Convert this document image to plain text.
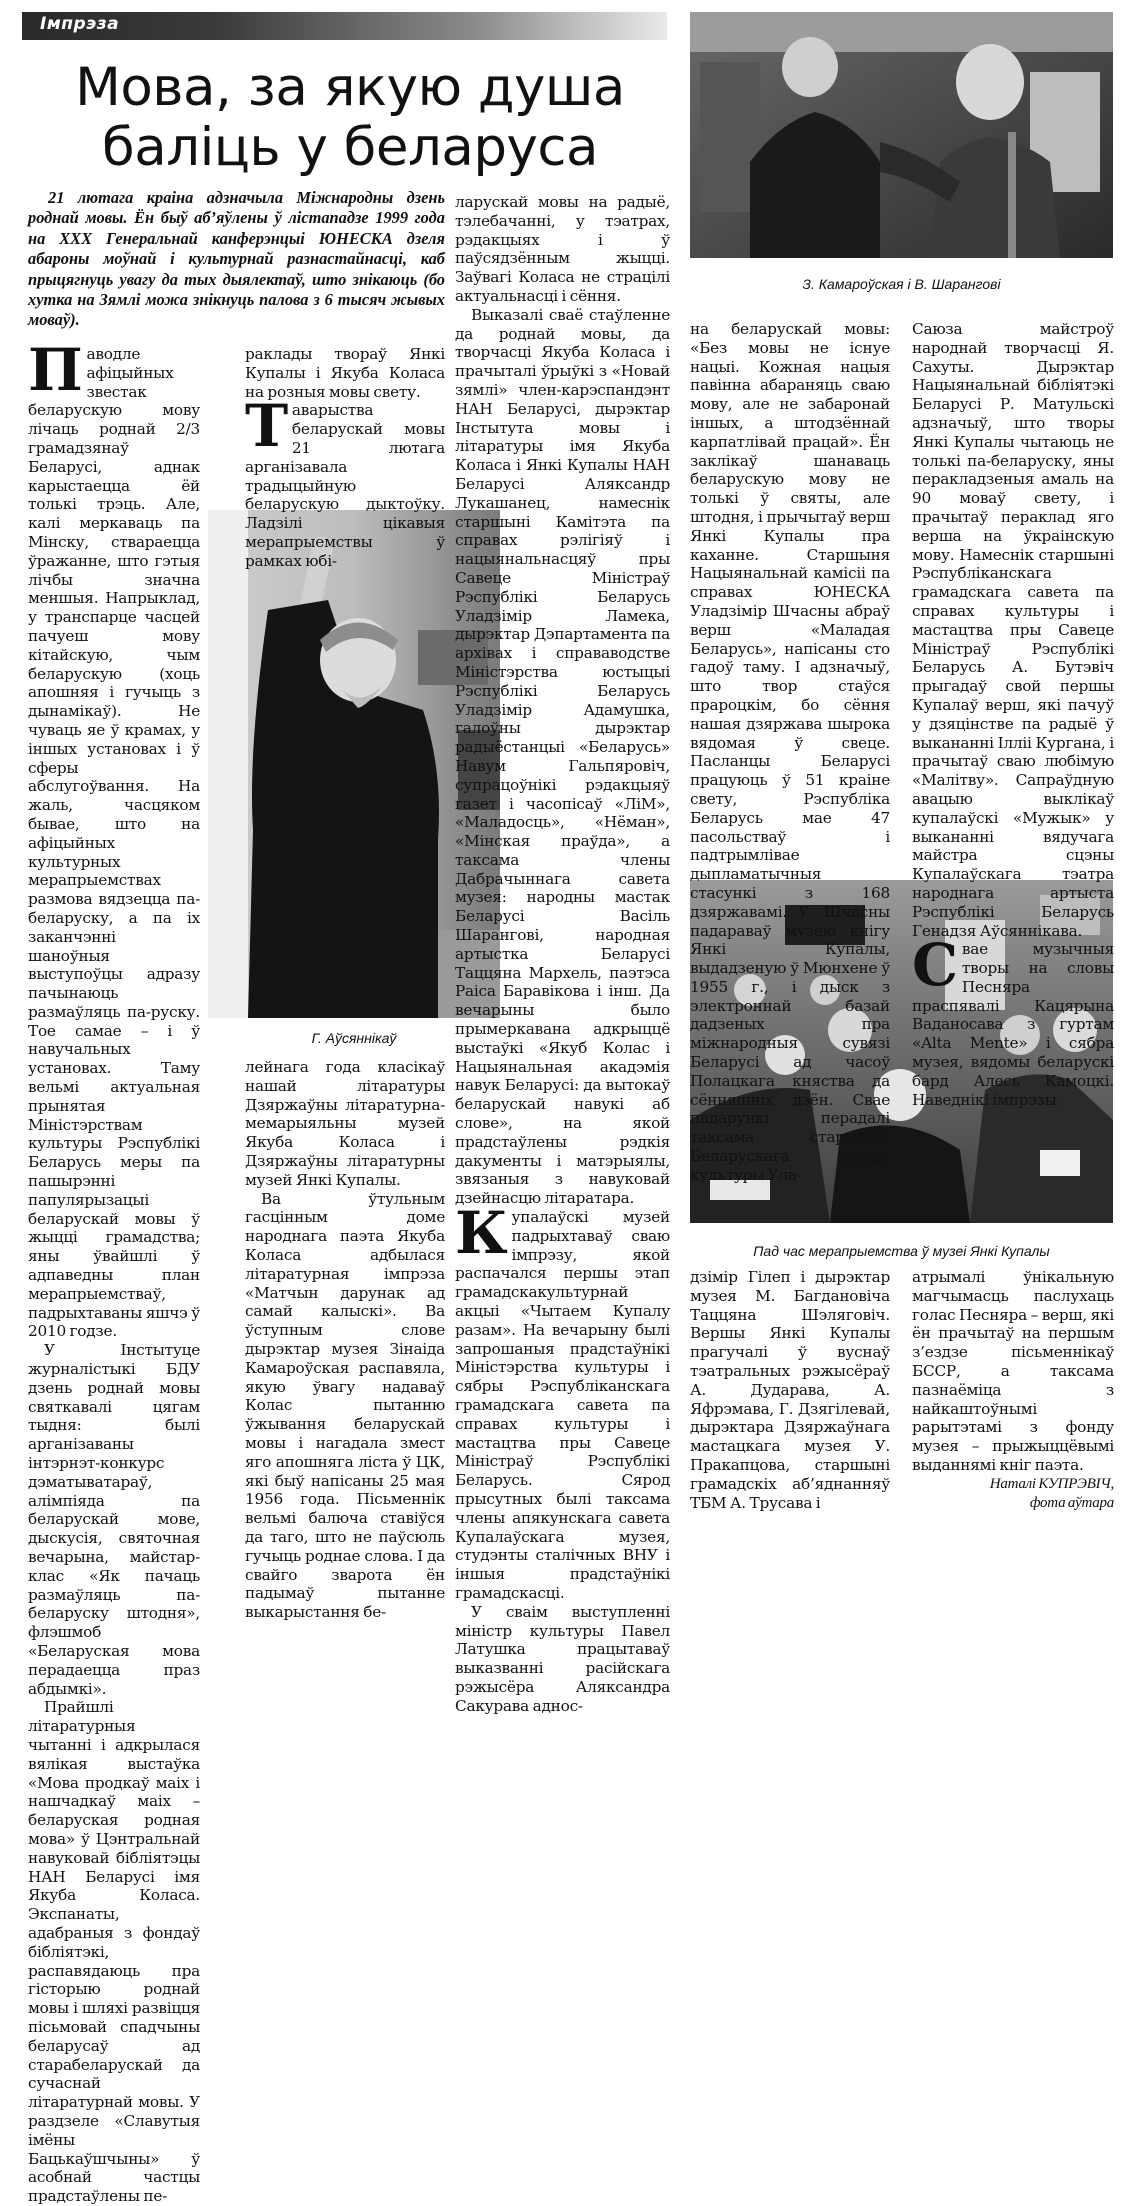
Імпрэза
Мова, за якую душа
баліць у беларуса
21 лютага краіна адзначыла Міжнародны дзень роднай мовы. Ён быў аб’яўлены ў лістападзе 1999 года на XXX Генеральнай канферэнцыі ЮНЕСКА дзеля абароны моўнай і культурнай разнастайнасці, каб прыцягнуць увагу да тых дыялектаў, што знікаюць (бо хутка на Зямлі можа знікнуць палова з 6 тысяч жывых моваў).
З. Камароўская і В. Шарангові
Г. Аўсяннікаў
Пад час мерапрыемства ў музеі Янкі Купалы

Паводле афіцыйных звестак беларускую мову лічаць роднай 2/3 грамадзянаў Беларусі, аднак карыстаецца ёй толькі трэць. Але, калі меркаваць па Мінску, ствараецца ўражанне, што гэтыя лічбы значна меншыя. Напрыклад, у транспарце часцей пачуеш мову кітайскую, чым беларускую (хоць апошняя і гучыць з дынамікаў). Не чуваць яе ў крамах, у іншых установах і ў сферы абслугоўвання. На жаль, часцяком бывае, што на афіцыйных культурных мерапрыемствах размова вядзецца па-беларуску, а па іх заканчэнні шаноўныя выступоўцы адразу пачынаюць размаўляць па-руску. Тое самае – і ў навучальных установах. Таму вельмі актуальная прынятая Міністэрствам культуры Рэспублікі Беларусь меры па пашырэнні папулярызацыі беларускай мовы ў жыцці грамадства; яны ўвайшлі ў адпаведны план мерапрыемстваў, падрыхтаваны яшчэ ў 2010 годзе.

У Інстытуце журналістыкі БДУ дзень роднай мовы святкавалі цягам тыдня: былі арганізаваны інтэрнэт-конкурс дэматыватараў, алімпіяда па беларускай мове, дыскусія, святочная вечарына, майстар-клас «Як пачаць размаўляць па-беларуску штодня», флэшмоб «Беларуская мова перадаецца праз абдымкі».

Прайшлі літаратурныя чытанні і адкрылася вялікая выстаўка «Мова продкаў маіх і нашчадкаў маіх – беларуская родная мова» ў Цэнтральнай навуковай бібліятэцы НАН Беларусі імя Якуба Коласа. Экспанаты, адабраныя з фондаў бібліятэкі, распавядаюць пра гісторыю роднай мовы і шляхі развіцця пісьмовай спадчыны беларусаў ад старабеларускай да сучаснай літаратурнай мовы. У раздзеле «Славутыя імёны Бацькаўшчыны» ў асобнай частцы прадстаўлены пе-

раклады твораў Янкі Купалы і Якуба Коласа на розныя мовы свету.

Таварыства беларускай мовы 21 лютага арганізавала традыцыйную беларускую дыктоўку. Ладзілі цікавыя мерапрыемствы ў рамках юбі-

лейнага года класікаў нашай літаратуры Дзяржаўны літаратурна-мемарыяльны музей Якуба Коласа і Дзяржаўны літаратурны музей Янкі Купалы.

Ва ўтульным гасцінным доме народнага паэта Якуба Коласа адбылася літаратурная імпрэза «Матчын дарунак ад самай калыскі». Ва ўступным слове дырэктар музея Зінаіда Камароўская распавяла, якую ўвагу надаваў Колас пытанню ўжывання беларускай мовы і нагадала змест яго апошняга ліста ў ЦК, які быў напісаны 25 мая 1956 года. Пісьменнік вельмі балюча ставіўся да таго, што не паўсюль гучыць роднае слова. І да свайго зварота ён падымаў пытанне выкарыстання бе-

ларускай мовы на радыё, тэлебачанні, у тэатрах, рэдакцыях і ў паўсядзённым жыцці. Заўвагі Коласа не страцілі актуальнасці і сёння.

Выказалі сваё стаўленне да роднай мовы, да творчасці Якуба Коласа і прачыталі ўрыўкі з «Новай зямлі» член-карэспандэнт НАН Беларусі, дырэктар Інстытута мовы і літаратуры імя Якуба Коласа і Янкі Купалы НАН Беларусі Аляксандр Лукашанец, намеснік старшыні Камітэта па справах рэлігіяў і нацыянальнасцяў пры Савеце Міністраў Рэспублікі Беларусь Уладзімір Ламека, дырэктар Дэпартамента па архівах і справаводстве Міністэрства юстыцыі Рэспублікі Беларусь Уладзімір Адамушка, галоўны дырэктар радыёстанцыі «Беларусь» Навум Гальпяровіч, супрацоўнікі рэдакцыяў газет і часопісаў «ЛіМ», «Маладосць», «Нёман», «Мінская праўда», а таксама члены Дабрачыннага савета музея: народны мастак Беларусі Васіль Шарангові, народная артыстка Беларусі Таццяна Мархель, паэтэса Раіса Баравікова і інш. Да вечарыны было прымеркавана адкрыццё выстаўкі «Якуб Колас і Нацыянальная акадэмія навук Беларусі: да вытокаў беларускай навукі аб слове», на якой прадстаўлены рэдкія дакументы і матэрыялы, звязаныя з навуковай дзейнасцю літаратара.

Купалаўскі музей падрыхтаваў сваю імпрэзу, якой распачался першы этап грамадскакультурнай акцыі «Чытаем Купалу разам». На вечарыну былі запрошаныя прадстаўнікі Міністэрства культуры і сябры Рэспубліканскага грамадскага савета па справах культуры і мастацтва пры Савеце Міністраў Рэспублікі Беларусь. Сярод прысутных былі таксама члены апякунскага савета Купалаўскага музея, студэнты сталічных ВНУ і іншыя прадстаўнікі грамадскасці.

У сваім выступленні міністр культуры Павел Латушка працытаваў выказванні расійскага рэжысёра Аляксандра Сакурава адноc-

на беларускай мовы: «Без мовы не існуе нацыі. Кожная нацыя павінна абараняць сваю мову, але не забаронай іншых, а штодзённай карпатлівай працай». Ён заклікаў шанаваць беларускую мову не толькі ў святы, але штодня, і прычытаў верш Янкі Купалы пра каханне. Старшыня Нацыянальнай камісіі па справах ЮНЕСКА Уладзімір Шчасны абраў верш «Маладая Беларусь», напісаны сто гадоў таму. І адзначыў, што твор стаўся прароцкім, бо сёння нашая дзяржава шырока вядомая ў свеце. Пасланцы Беларусі працуюць ў 51 краіне свету, Рэспубліка Беларусь мае 47 пасольстваў і падтрымлівае дыпламатычныя стасункі з 168 дзяржавамі. У. Шчасны падараваў музею кнігу Янкі Купалы, выдадзеную ў Мюнхене ў 1955 г., і дыск з электроннай базай дадзеных пра міжнародныя сувязі Беларусі ад часоў Полацкага княства да сённяшніх дзён. Свае падарункі перадалі таксама старшыня Беларускага фонду культуры Ула-

Саюза майстроў народнай творчасці Я. Сахуты. Дырэктар Нацыянальнай бібліятэкі Беларусі Р. Матульскі адзначыў, што творы Янкі Купалы чытаюць не толькі па-беларуску, яны перакладзеныя амаль на 90 моваў свету, і прачытаў пераклад яго верша на ўкраінскую мову. Намеснік старшыні Рэспубліканскага грамадскага савета па справах культуры і мастацтва пры Савеце Міністраў Рэспублікі Беларусь А. Бутэвіч прыгадаў свой першы Купалаў верш, які пачуў у дзяцінстве па радыё ў выкананні Ілліі Кургана, і прачытаў сваю любімую «Малітву». Сапраўдную авацыю выклікаў купалаўскі «Мужык» у выкананні вядучага майстра сцэны Купалаўскага тэатра народнага артыста Рэспублікі Беларусь Генадзя Аўсяннікава.

Свае музычныя творы на словы Песняра праспявалі Кацярына Ваданосава з гуртам «Alta Mente» і сябра музея, вядомы беларускі бард Алесь Камоцкі. Наведнікі імпрэзы

дзімір Гілеп і дырэктар музея М. Багдановіча Таццяна Шэляговіч. Вершы Янкі Купалы прагучалі ў вуснаў тэатральных рэжысёраў А. Дударава, А. Яфрэмава, Г. Дзягілевай, дырэктара Дзяржаўнага мастацкага музея У. Пракапцова, старшыні грамадскіх аб’яднанняў ТБМ А. Трусава і

атрымалі ўнікальную магчымасць паслухаць голас Песняра – верш, які ён прачытаў на першым з’ездзе пісьменнікаў БССР, а таксама пазнаёміца з найкаштоўнымі рарытэтамі з фонду музея – прыжыццёвымі выданнямі кніг паэта.

Наталі КУПРЭВІЧ,
фота аўтара
